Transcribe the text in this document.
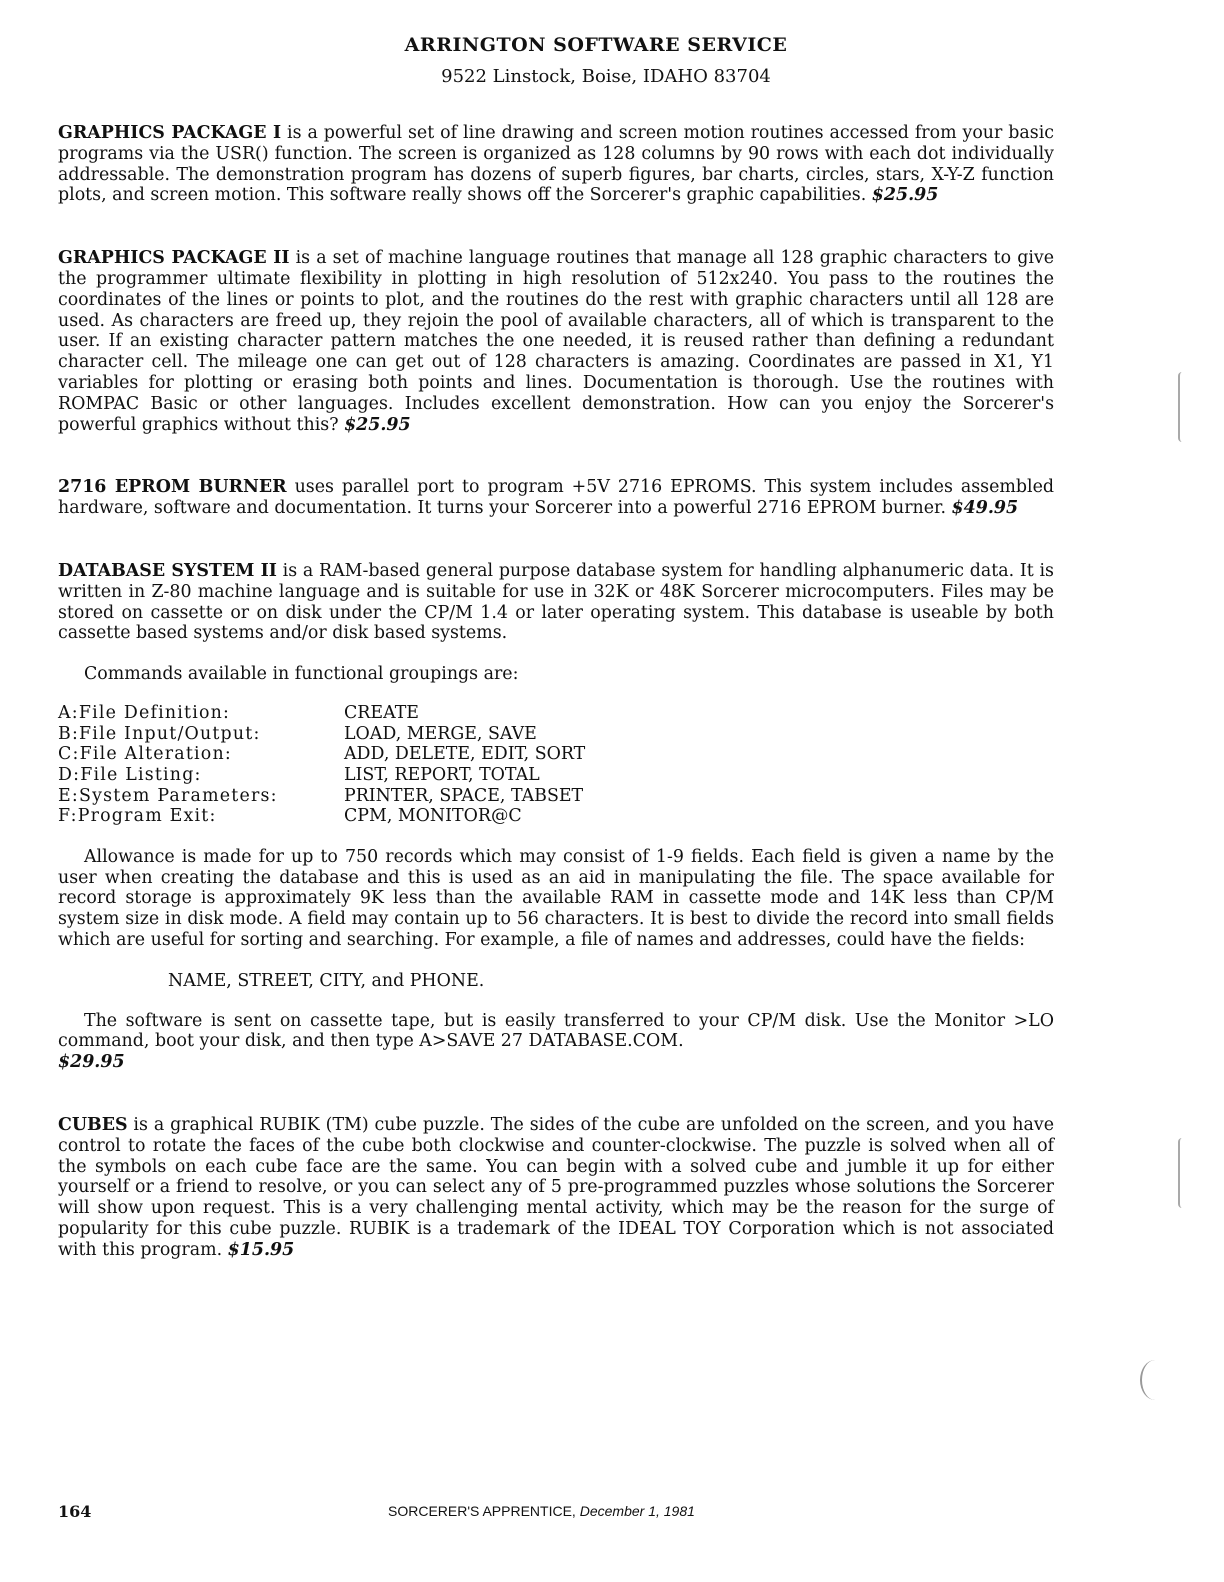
ARRINGTON SOFTWARE SERVICE
9522 Linstock, Boise, IDAHO 83704

GRAPHICS PACKAGE I is a powerful set of line drawing and screen motion routines accessed from your basic programs via the USR() function. The screen is organized as 128 columns by 90 rows with each dot individually addressable. The demonstration program has dozens of superb figures, bar charts, circles, stars, X-Y-Z function plots, and screen motion. This software really shows off the Sorcerer's graphic capabilities. $25.95

GRAPHICS PACKAGE II is a set of machine language routines that manage all 128 graphic characters to give the programmer ultimate flexibility in plotting in high resolution of 512x240. You pass to the routines the coordinates of the lines or points to plot, and the routines do the rest with graphic characters until all 128 are used. As characters are freed up, they rejoin the pool of available characters, all of which is transparent to the user. If an existing character pattern matches the one needed, it is reused rather than defining a redundant character cell. The mileage one can get out of 128 characters is amazing. Coordinates are passed in X1, Y1 variables for plotting or erasing both points and lines. Documentation is thorough. Use the routines with ROMPAC Basic or other languages. Includes excellent demonstration. How can you enjoy the Sorcerer's powerful graphics without this? $25.95

2716 EPROM BURNER uses parallel port to program +5V 2716 EPROMS. This system includes assembled hardware, software and documentation. It turns your Sorcerer into a powerful 2716 EPROM burner. $49.95

DATABASE SYSTEM II is a RAM-based general purpose database system for handling alphanumeric data. It is written in Z-80 machine language and is suitable for use in 32K or 48K Sorcerer microcomputers. Files may be stored on cassette or on disk under the CP/M 1.4 or later operating system. This database is useable by both cassette based systems and/or disk based systems.

Commands available in functional groupings are:
A:File Definition:	CREATE
B:File Input/Output:	LOAD, MERGE, SAVE
C:File Alteration:	ADD, DELETE, EDIT, SORT
D:File Listing:	LIST, REPORT, TOTAL
E:System Parameters:	PRINTER, SPACE, TABSET
F:Program Exit:	CPM, MONITOR@C

Allowance is made for up to 750 records which may consist of 1-9 fields. Each field is given a name by the user when creating the database and this is used as an aid in manipulating the file. The space available for record storage is approximately 9K less than the available RAM in cassette mode and 14K less than CP/M system size in disk mode. A field may contain up to 56 characters. It is best to divide the record into small fields which are useful for sorting and searching. For example, a file of names and addresses, could have the fields:

NAME, STREET, CITY, and PHONE.

The software is sent on cassette tape, but is easily transferred to your CP/M disk. Use the Monitor >LO command, boot your disk, and then type A>SAVE 27 DATABASE.COM.
$29.95

CUBES is a graphical RUBIK (TM) cube puzzle. The sides of the cube are unfolded on the screen, and you have control to rotate the faces of the cube both clockwise and counter-clockwise. The puzzle is solved when all of the symbols on each cube face are the same. You can begin with a solved cube and jumble it up for either yourself or a friend to resolve, or you can select any of 5 pre-programmed puzzles whose solutions the Sorcerer will show upon request. This is a very challenging mental activity, which may be the reason for the surge of popularity for this cube puzzle. RUBIK is a trademark of the IDEAL TOY Corporation which is not associated with this program. $15.95

164	SORCERER'S APPRENTICE, December 1, 1981
